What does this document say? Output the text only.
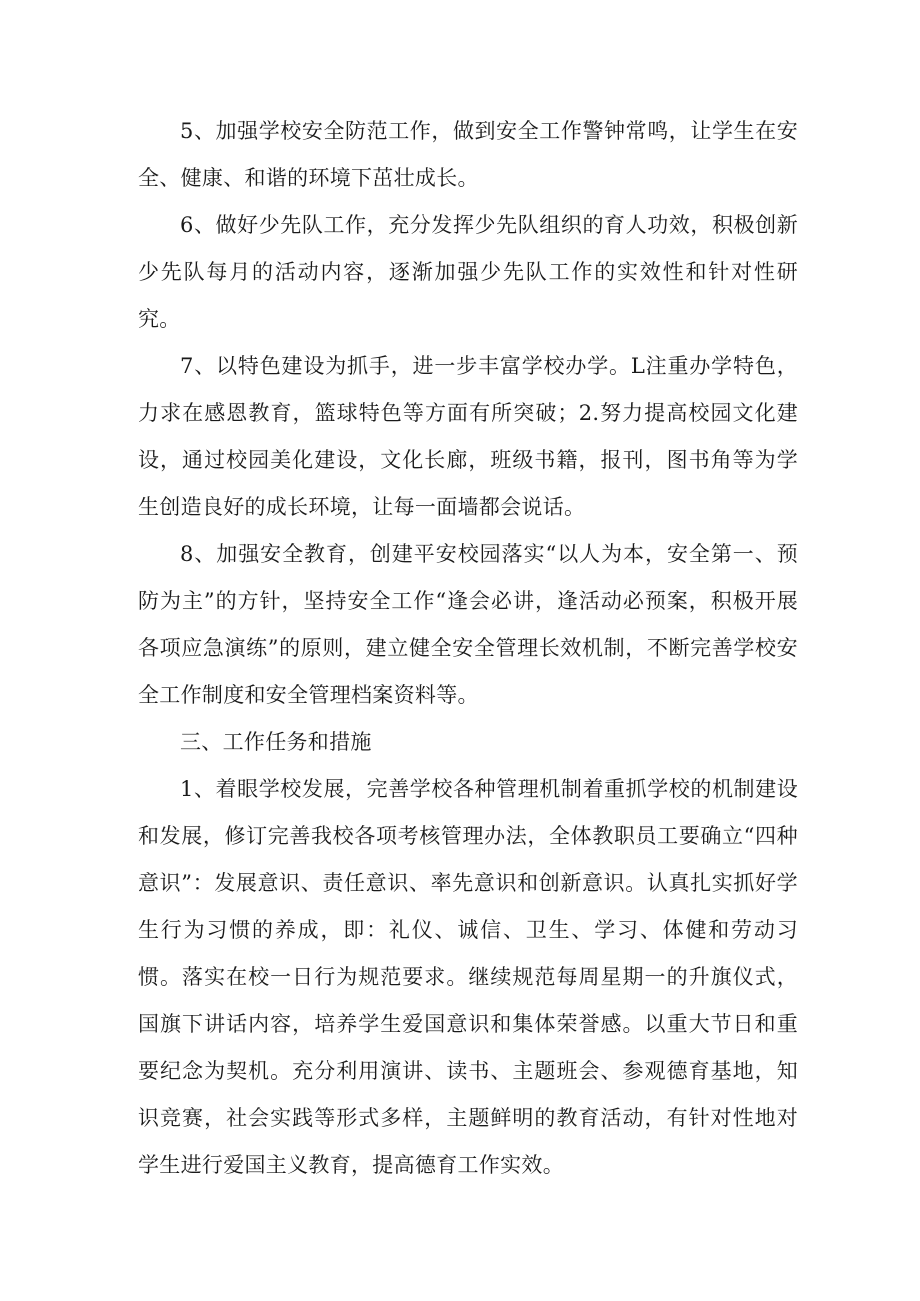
5、加强学校安全防范工作，做到安全工作警钟常鸣，让学生在安全、健康、和谐的环境下茁壮成长。

6、做好少先队工作，充分发挥少先队组织的育人功效，积极创新少先队每月的活动内容，逐渐加强少先队工作的实效性和针对性研究。

7、以特色建设为抓手，进一步丰富学校办学。L注重办学特色，力求在感恩教育，篮球特色等方面有所突破；2.努力提高校园文化建设，通过校园美化建设，文化长廊，班级书籍，报刊，图书角等为学生创造良好的成长环境，让每一面墙都会说话。

8、加强安全教育，创建平安校园落实“以人为本，安全第一、预防为主”的方针，坚持安全工作“逢会必讲，逢活动必预案，积极开展各项应急演练”的原则，建立健全安全管理长效机制，不断完善学校安全工作制度和安全管理档案资料等。

三、工作任务和措施

1、着眼学校发展，完善学校各种管理机制着重抓学校的机制建设和发展，修订完善我校各项考核管理办法，全体教职员工要确立“四种意识”：发展意识、责任意识、率先意识和创新意识。认真扎实抓好学生行为习惯的养成，即：礼仪、诚信、卫生、学习、体健和劳动习惯。落实在校一日行为规范要求。继续规范每周星期一的升旗仪式，国旗下讲话内容，培养学生爱国意识和集体荣誉感。以重大节日和重要纪念为契机。充分利用演讲、读书、主题班会、参观德育基地，知识竞赛，社会实践等形式多样，主题鲜明的教育活动，有针对性地对学生进行爱国主义教育，提高德育工作实效。
